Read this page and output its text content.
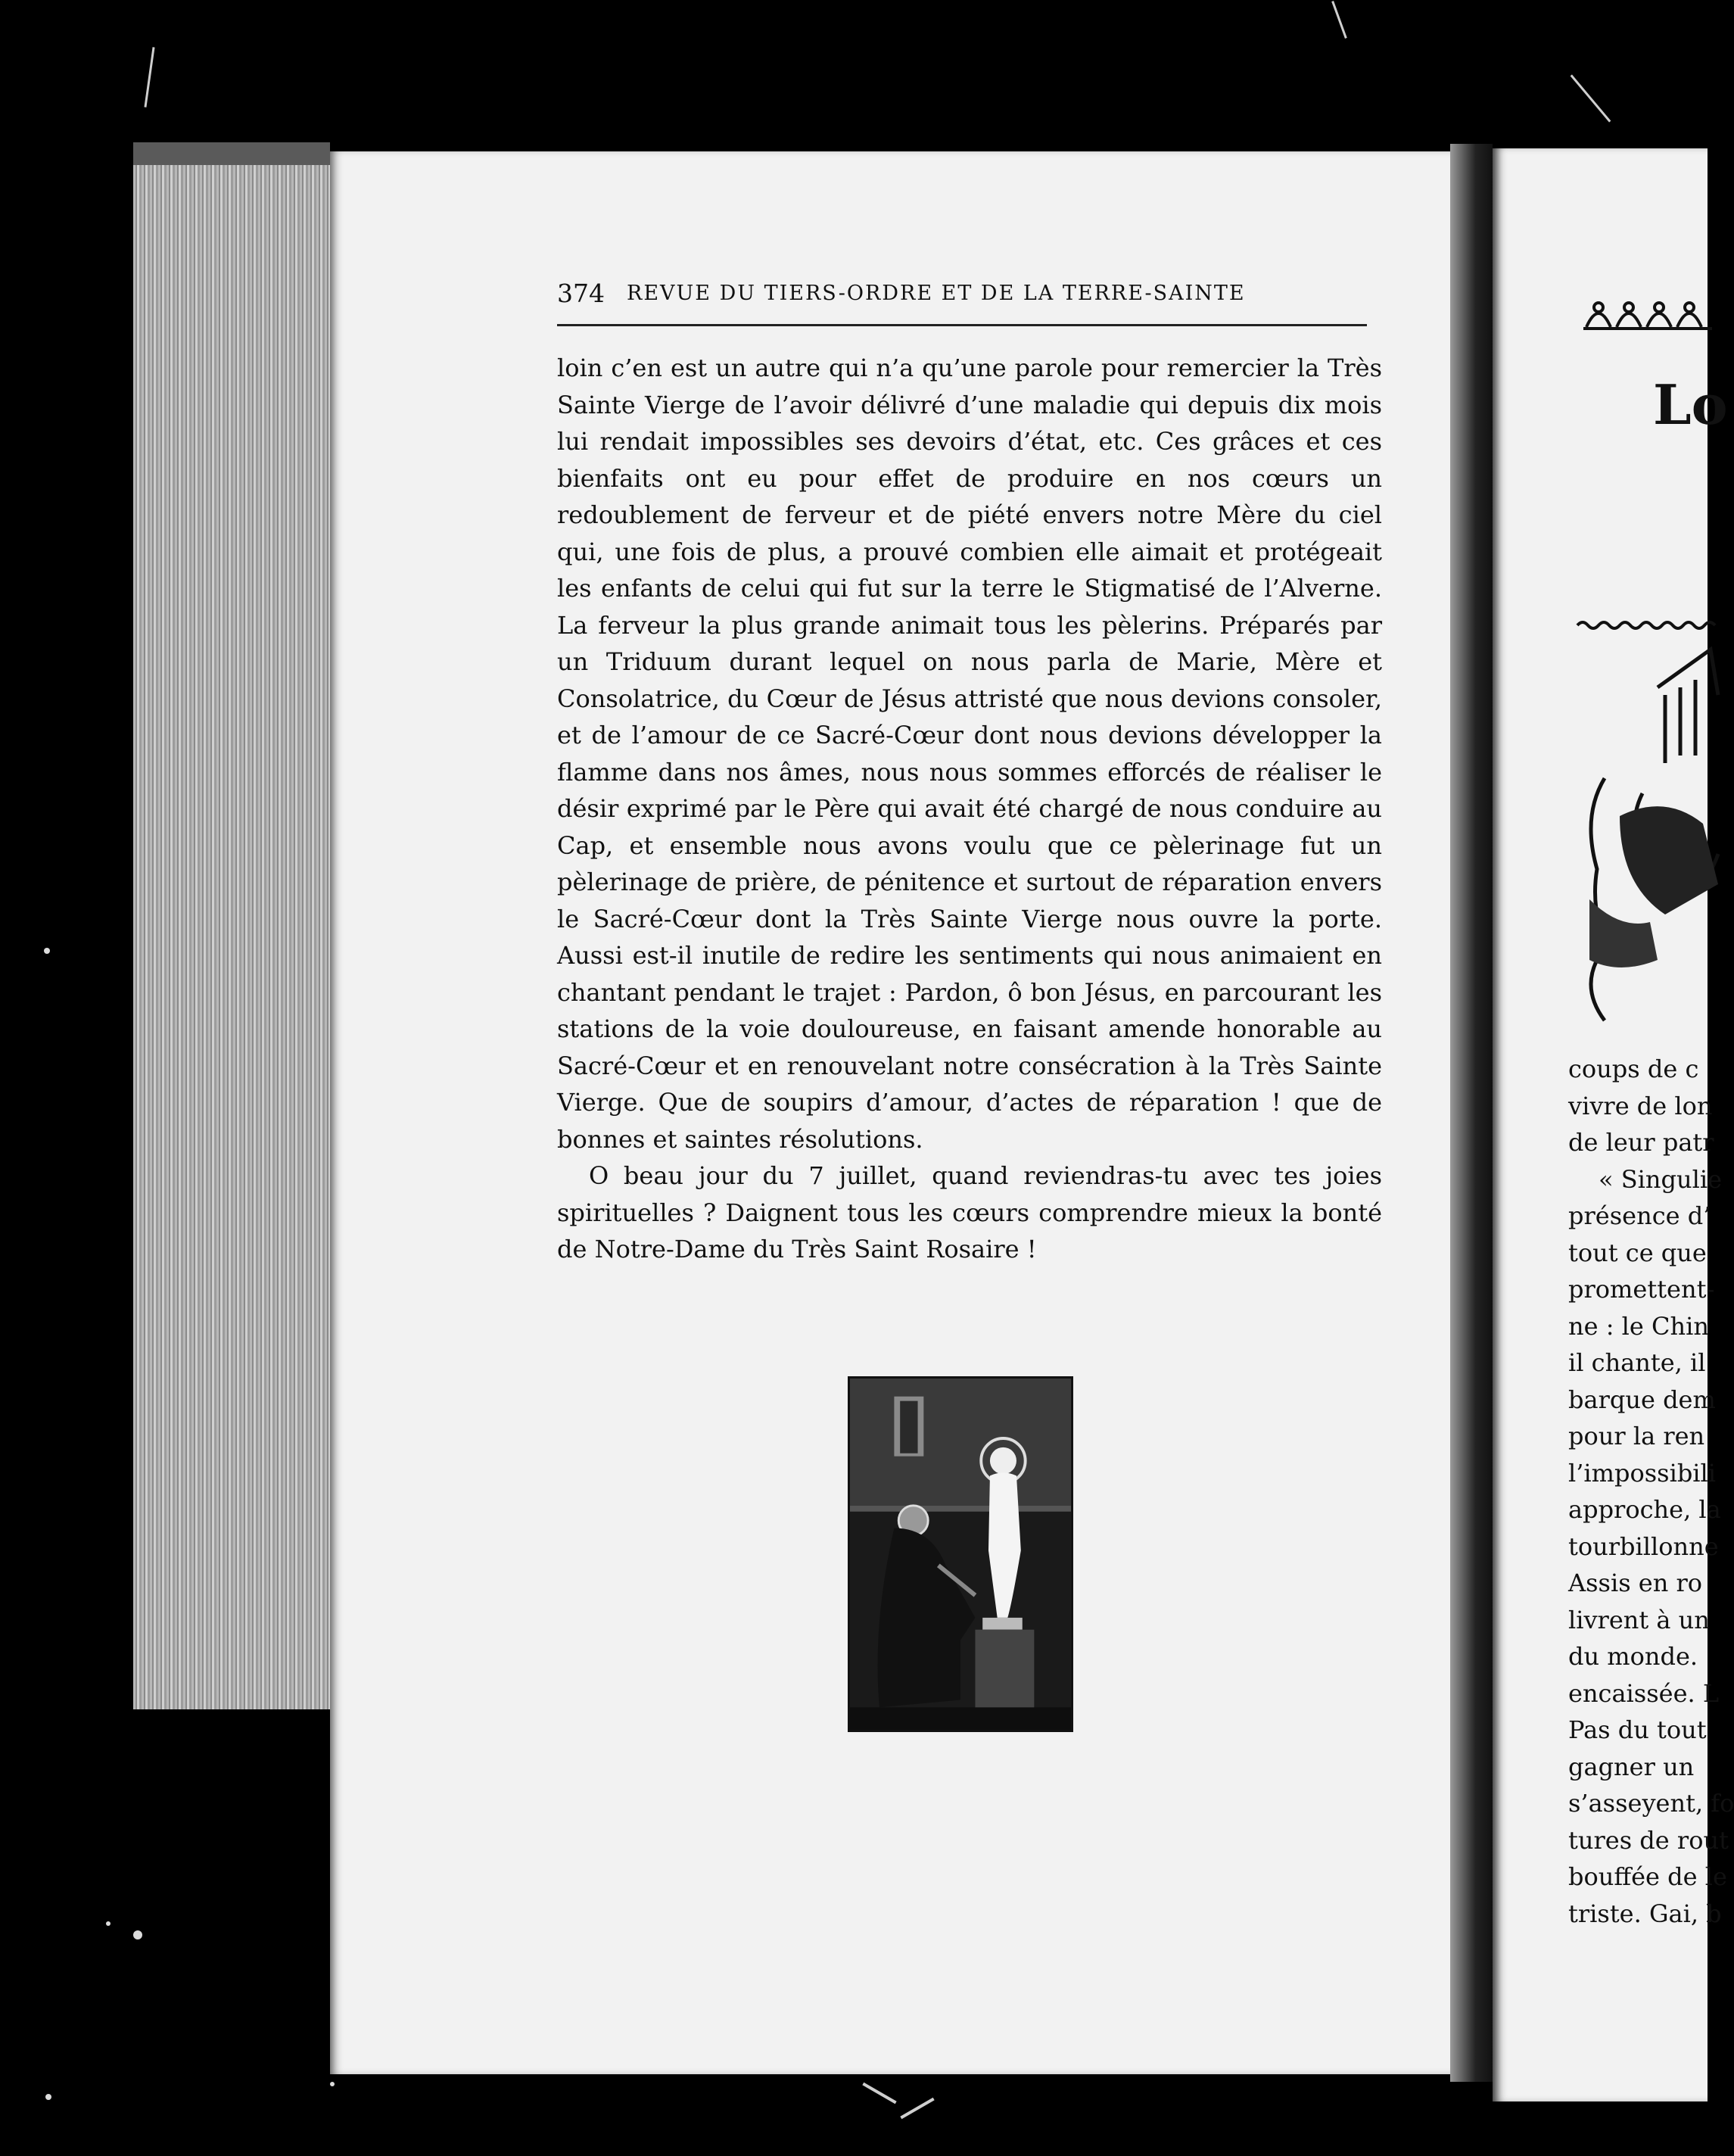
374 REVUE DU TIERS-ORDRE ET DE LA TERRE-SAINTE

loin c’en est un autre qui n’a qu’une parole pour remercier la Très Sainte Vierge de l’avoir délivré d’une maladie qui depuis dix mois lui rendait impossibles ses devoirs d’état, etc. Ces grâces et ces bienfaits ont eu pour effet de produire en nos cœurs un redoublement de ferveur et de piété envers notre Mère du ciel qui, une fois de plus, a prouvé combien elle aimait et protégeait les enfants de celui qui fut sur la terre le Stigmatisé de l’Alverne. La ferveur la plus grande animait tous les pèlerins. Préparés par un Triduum durant lequel on nous parla de Marie, Mère et Consolatrice, du Cœur de Jésus attristé que nous devions consoler, et de l’amour de ce Sacré-Cœur dont nous devions développer la flamme dans nos âmes, nous nous sommes efforcés de réaliser le désir exprimé par le Père qui avait été chargé de nous conduire au Cap, et ensemble nous avons voulu que ce pèlerinage fut un pèlerinage de prière, de pénitence et surtout de réparation envers le Sacré-Cœur dont la Très Sainte Vierge nous ouvre la porte. Aussi est-il inutile de redire les sentiments qui nous animaient en chantant pendant le trajet : Pardon, ô bon Jésus, en parcourant les stations de la voie douloureuse, en faisant amende honorable au Sacré-Cœur et en renouvelant notre consécration à la Très Sainte Vierge. Que de soupirs d’amour, d’actes de réparation ! que de bonnes et saintes résolutions.

O beau jour du 7 juillet, quand reviendras-tu avec tes joies spirituelles ? Daignent tous les cœurs comprendre mieux la bonté de Notre-Dame du Très Saint Rosaire !

Lo
coups de c
vivre de lon
de leur patr
« Singulie
présence d’
tout ce que
promettent-
ne : le Chin
il chante, il
barque dem
pour la ren
l’impossibili
approche, la
tourbillonne
Assis en ro
livrent à un
du monde.
encaissée. L
Pas du tout
gagner un
s’asseyent, fo
tures de rout
bouffée de le
triste. Gai, b
